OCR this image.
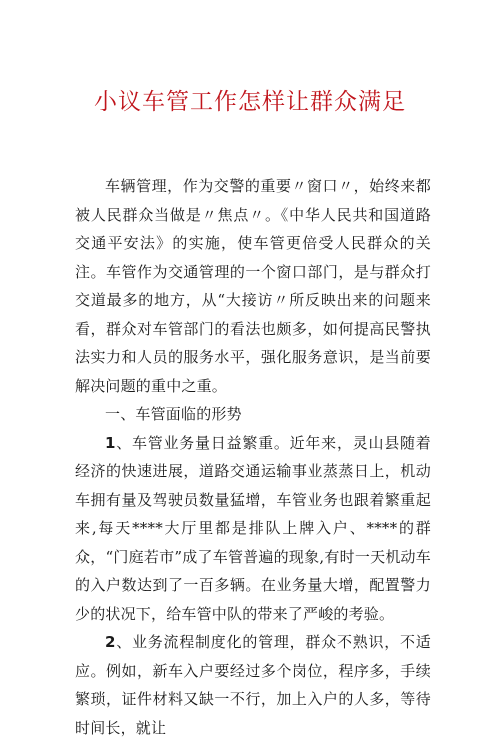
小议车管工作怎样让群众满足

车辆管理，作为交警的重要〃窗口〃，始终来都被人民群众当做是〃焦点〃。《中华人民共和国道路交通平安法》的实施，使车管更倍受人民群众的关注。车管作为交通管理的一个窗口部门，是与群众打交道最多的地方，从“大接访〃所反映出来的问题来看，群众对车管部门的看法也颇多，如何提高民警执法实力和人员的服务水平，强化服务意识，是当前要解决问题的重中之重。

一、车管面临的形势

1、车管业务量日益繁重。近年来，灵山县随着经济的快速进展，道路交通运输事业蒸蒸日上，机动车拥有量及驾驶员数量猛增，车管业务也跟着繁重起来,每天****大厅里都是排队上牌入户、****的群众，“门庭若市”成了车管普遍的现象,有时一天机动车的入户数达到了一百多辆。在业务量大增，配置警力少的状况下，给车管中队的带来了严峻的考验。

2、业务流程制度化的管理，群众不熟识，不适应。例如，新车入户要经过多个岗位，程序多，手续繁琐，证件材料又缺一不行，加上入户的人多，等待时间长，就让
